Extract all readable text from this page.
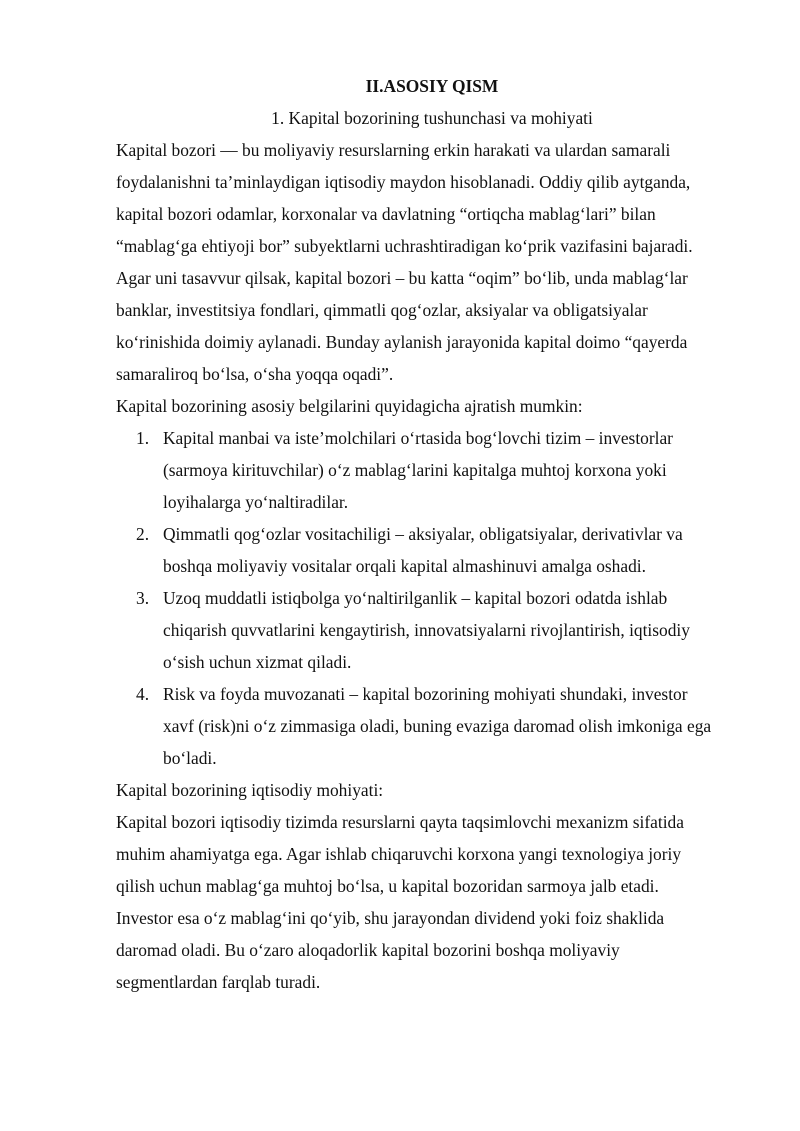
II.ASOSIY QISM

1. Kapital bozorining tushunchasi va mohiyati

Kapital bozori — bu moliyaviy resurslarning erkin harakati va ulardan samarali foydalanishni ta’minlaydigan iqtisodiy maydon hisoblanadi. Oddiy qilib aytganda, kapital bozori odamlar, korxonalar va davlatning “ortiqcha mablag‘lari” bilan “mablag‘ga ehtiyoji bor” subyektlarni uchrashtiradigan ko‘prik vazifasini bajaradi. Agar uni tasavvur qilsak, kapital bozori – bu katta “oqim” bo‘lib, unda mablag‘lar banklar, investitsiya fondlari, qimmatli qog‘ozlar, aksiyalar va obligatsiyalar ko‘rinishida doimiy aylanadi. Bunday aylanish jarayonida kapital doimo “qayerda samaraliroq bo‘lsa, o‘sha yoqqa oqadi”.

Kapital bozorining asosiy belgilarini quyidagicha ajratish mumkin:

1. Kapital manbai va iste’molchilari o‘rtasida bog‘lovchi tizim – investorlar (sarmoya kirituvchilar) o‘z mablag‘larini kapitalga muhtoj korxona yoki loyihalarga yo‘naltiradilar.
2. Qimmatli qog‘ozlar vositachiligi – aksiyalar, obligatsiyalar, derivativlar va boshqa moliyaviy vositalar orqali kapital almashinuvi amalga oshadi.
3. Uzoq muddatli istiqbolga yo‘naltirilganlik – kapital bozori odatda ishlab chiqarish quvvatlarini kengaytirish, innovatsiyalarni rivojlantirish, iqtisodiy o‘sish uchun xizmat qiladi.
4. Risk va foyda muvozanati – kapital bozorining mohiyati shundaki, investor xavf (risk)ni o‘z zimmasiga oladi, buning evaziga daromad olish imkoniga ega bo‘ladi.

Kapital bozorining iqtisodiy mohiyati:

Kapital bozori iqtisodiy tizimda resurslarni qayta taqsimlovchi mexanizm sifatida muhim ahamiyatga ega. Agar ishlab chiqaruvchi korxona yangi texnologiya joriy qilish uchun mablag‘ga muhtoj bo‘lsa, u kapital bozoridan sarmoya jalb etadi. Investor esa o‘z mablag‘ini qo‘yib, shu jarayondan dividend yoki foiz shaklida daromad oladi. Bu o‘zaro aloqadorlik kapital bozorini boshqa moliyaviy segmentlardan farqlab turadi.
